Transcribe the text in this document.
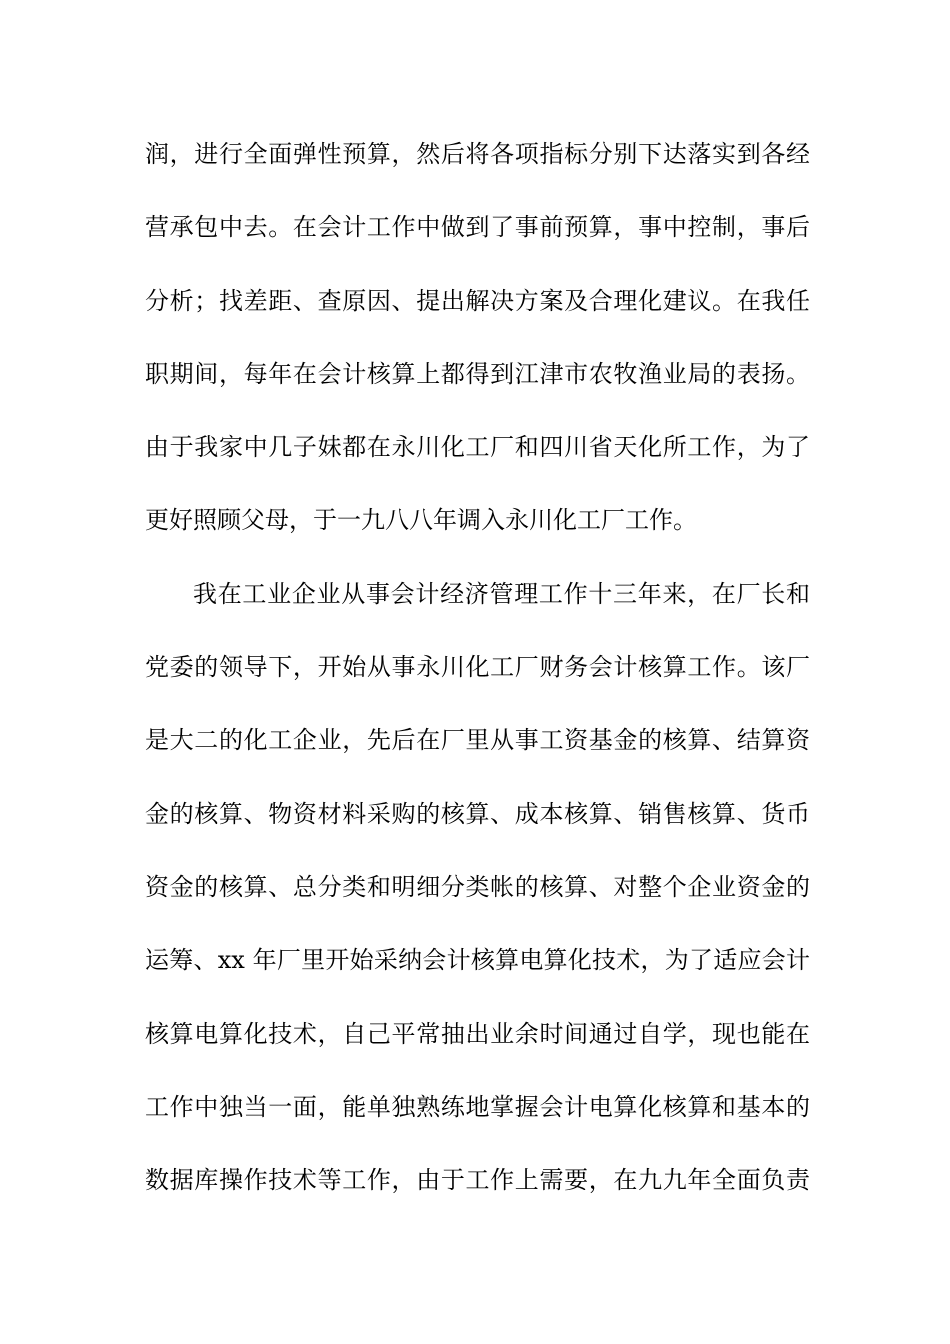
润，进行全面弹性预算，然后将各项指标分别下达落实到各经
营承包中去。在会计工作中做到了事前预算，事中控制，事后
分析；找差距、查原因、提出解决方案及合理化建议。在我任
职期间，每年在会计核算上都得到江津市农牧渔业局的表扬。
由于我家中几子妹都在永川化工厂和四川省天化所工作，为了
更好照顾父母，于一九八八年调入永川化工厂工作。
我在工业企业从事会计经济管理工作十三年来，在厂长和
党委的领导下，开始从事永川化工厂财务会计核算工作。该厂
是大二的化工企业，先后在厂里从事工资基金的核算、结算资
金的核算、物资材料采购的核算、成本核算、销售核算、货币
资金的核算、总分类和明细分类帐的核算、对整个企业资金的
运筹、xx 年厂里开始采纳会计核算电算化技术，为了适应会计
核算电算化技术，自己平常抽出业余时间通过自学，现也能在
工作中独当一面，能单独熟练地掌握会计电算化核算和基本的
数据库操作技术等工作，由于工作上需要，在九九年全面负责
